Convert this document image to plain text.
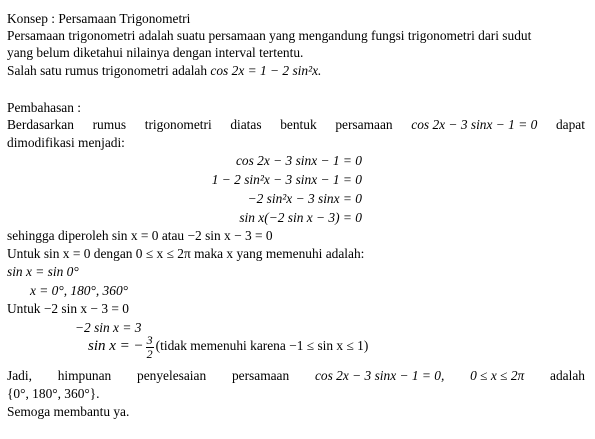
Konsep : Persamaan Trigonometri
Persamaan trigonometri adalah suatu persamaan yang mengandung fungsi trigonometri dari sudut
yang belum diketahui nilainya dengan interval tertentu.
Salah satu rumus trigonometri adalah cos 2x = 1 − 2 sin²x.
Pembahasan :
Berdasarkan rumus trigonometri diatas bentuk persamaan cos 2x − 3 sinx − 1 = 0 dapat
dimodifikasi menjadi:
cos 2x − 3 sinx − 1 = 0
1 − 2 sin²x − 3 sinx − 1 = 0
−2 sin²x − 3 sinx = 0
sin x(−2 sin x − 3) = 0
sehingga diperoleh sin x = 0 atau −2 sin x − 3 = 0
Untuk sin x = 0 dengan 0 ≤ x ≤ 2π maka x yang memenuhi adalah:
sin x = sin 0°
x = 0°, 180°, 360°
Untuk −2 sin x − 3 = 0
−2 sin x = 3
sin x = − $\frac{3}{2}$ (tidak memenuhi karena −1 ≤ sin x ≤ 1)
Jadi, himpunan penyelesaian persamaan cos 2x − 3 sinx − 1 = 0, 0 ≤ x ≤ 2π adalah
{0°, 180°, 360°}.
Semoga membantu ya.
